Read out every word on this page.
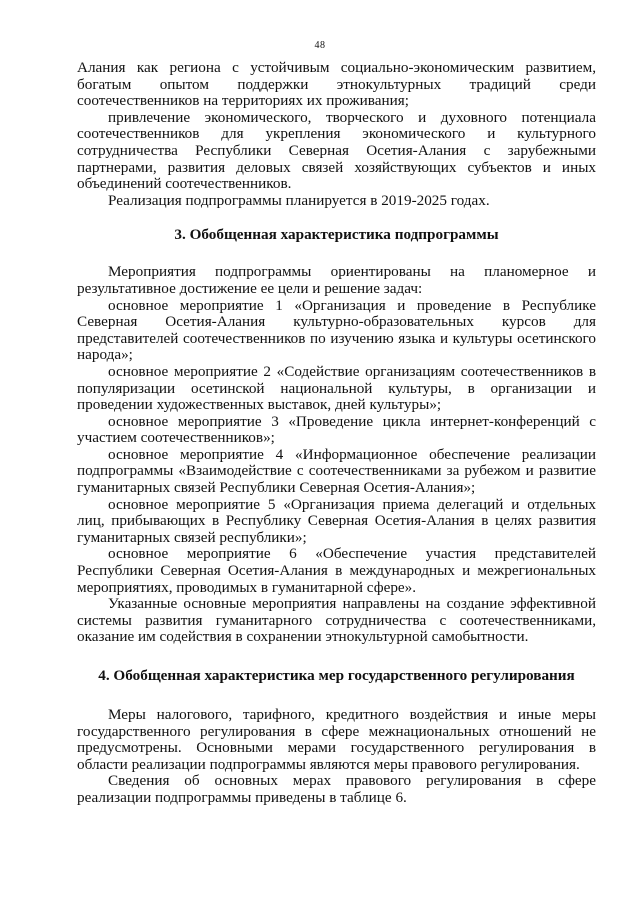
48

Алания как региона с устойчивым социально-экономическим развитием, богатым опытом поддержки этнокультурных традиций среди соотечественников на территориях их проживания;

привлечение экономического, творческого и духовного потенциала соотечественников для укрепления экономического и культурного сотрудничества Республики Северная Осетия-Алания с зарубежными партнерами, развития деловых связей хозяйствующих субъектов и иных объединений соотечественников.

Реализация подпрограммы планируется в 2019-2025 годах.

3. Обобщенная характеристика подпрограммы

Мероприятия подпрограммы ориентированы на планомерное и результативное достижение ее цели и решение задач:

основное мероприятие 1 «Организация и проведение в Республике Северная Осетия-Алания культурно-образовательных курсов для представителей соотечественников по изучению языка и культуры осетинского народа»;

основное мероприятие 2 «Содействие организациям соотечественников в популяризации осетинской национальной культуры, в организации и проведении художественных выставок, дней культуры»;

основное мероприятие 3 «Проведение цикла интернет-конференций с участием соотечественников»;

основное мероприятие 4 «Информационное обеспечение реализации подпрограммы «Взаимодействие с соотечественниками за рубежом и развитие гуманитарных связей Республики Северная Осетия-Алания»;

основное мероприятие 5 «Организация приема делегаций и отдельных лиц, прибывающих в Республику Северная Осетия-Алания в целях развития гуманитарных связей республики»;

основное мероприятие 6 «Обеспечение участия представителей Республики Северная Осетия-Алания в международных и межрегиональных мероприятиях, проводимых в гуманитарной сфере».

Указанные основные мероприятия направлены на создание эффективной системы развития гуманитарного сотрудничества с соотечественниками, оказание им содействия в сохранении этнокультурной самобытности.

4. Обобщенная характеристика мер государственного регулирования

Меры налогового, тарифного, кредитного воздействия и иные меры государственного регулирования в сфере межнациональных отношений не предусмотрены. Основными мерами государственного регулирования в области реализации подпрограммы являются меры правового регулирования.

Сведения об основных мерах правового регулирования в сфере реализации подпрограммы приведены в таблице 6.
